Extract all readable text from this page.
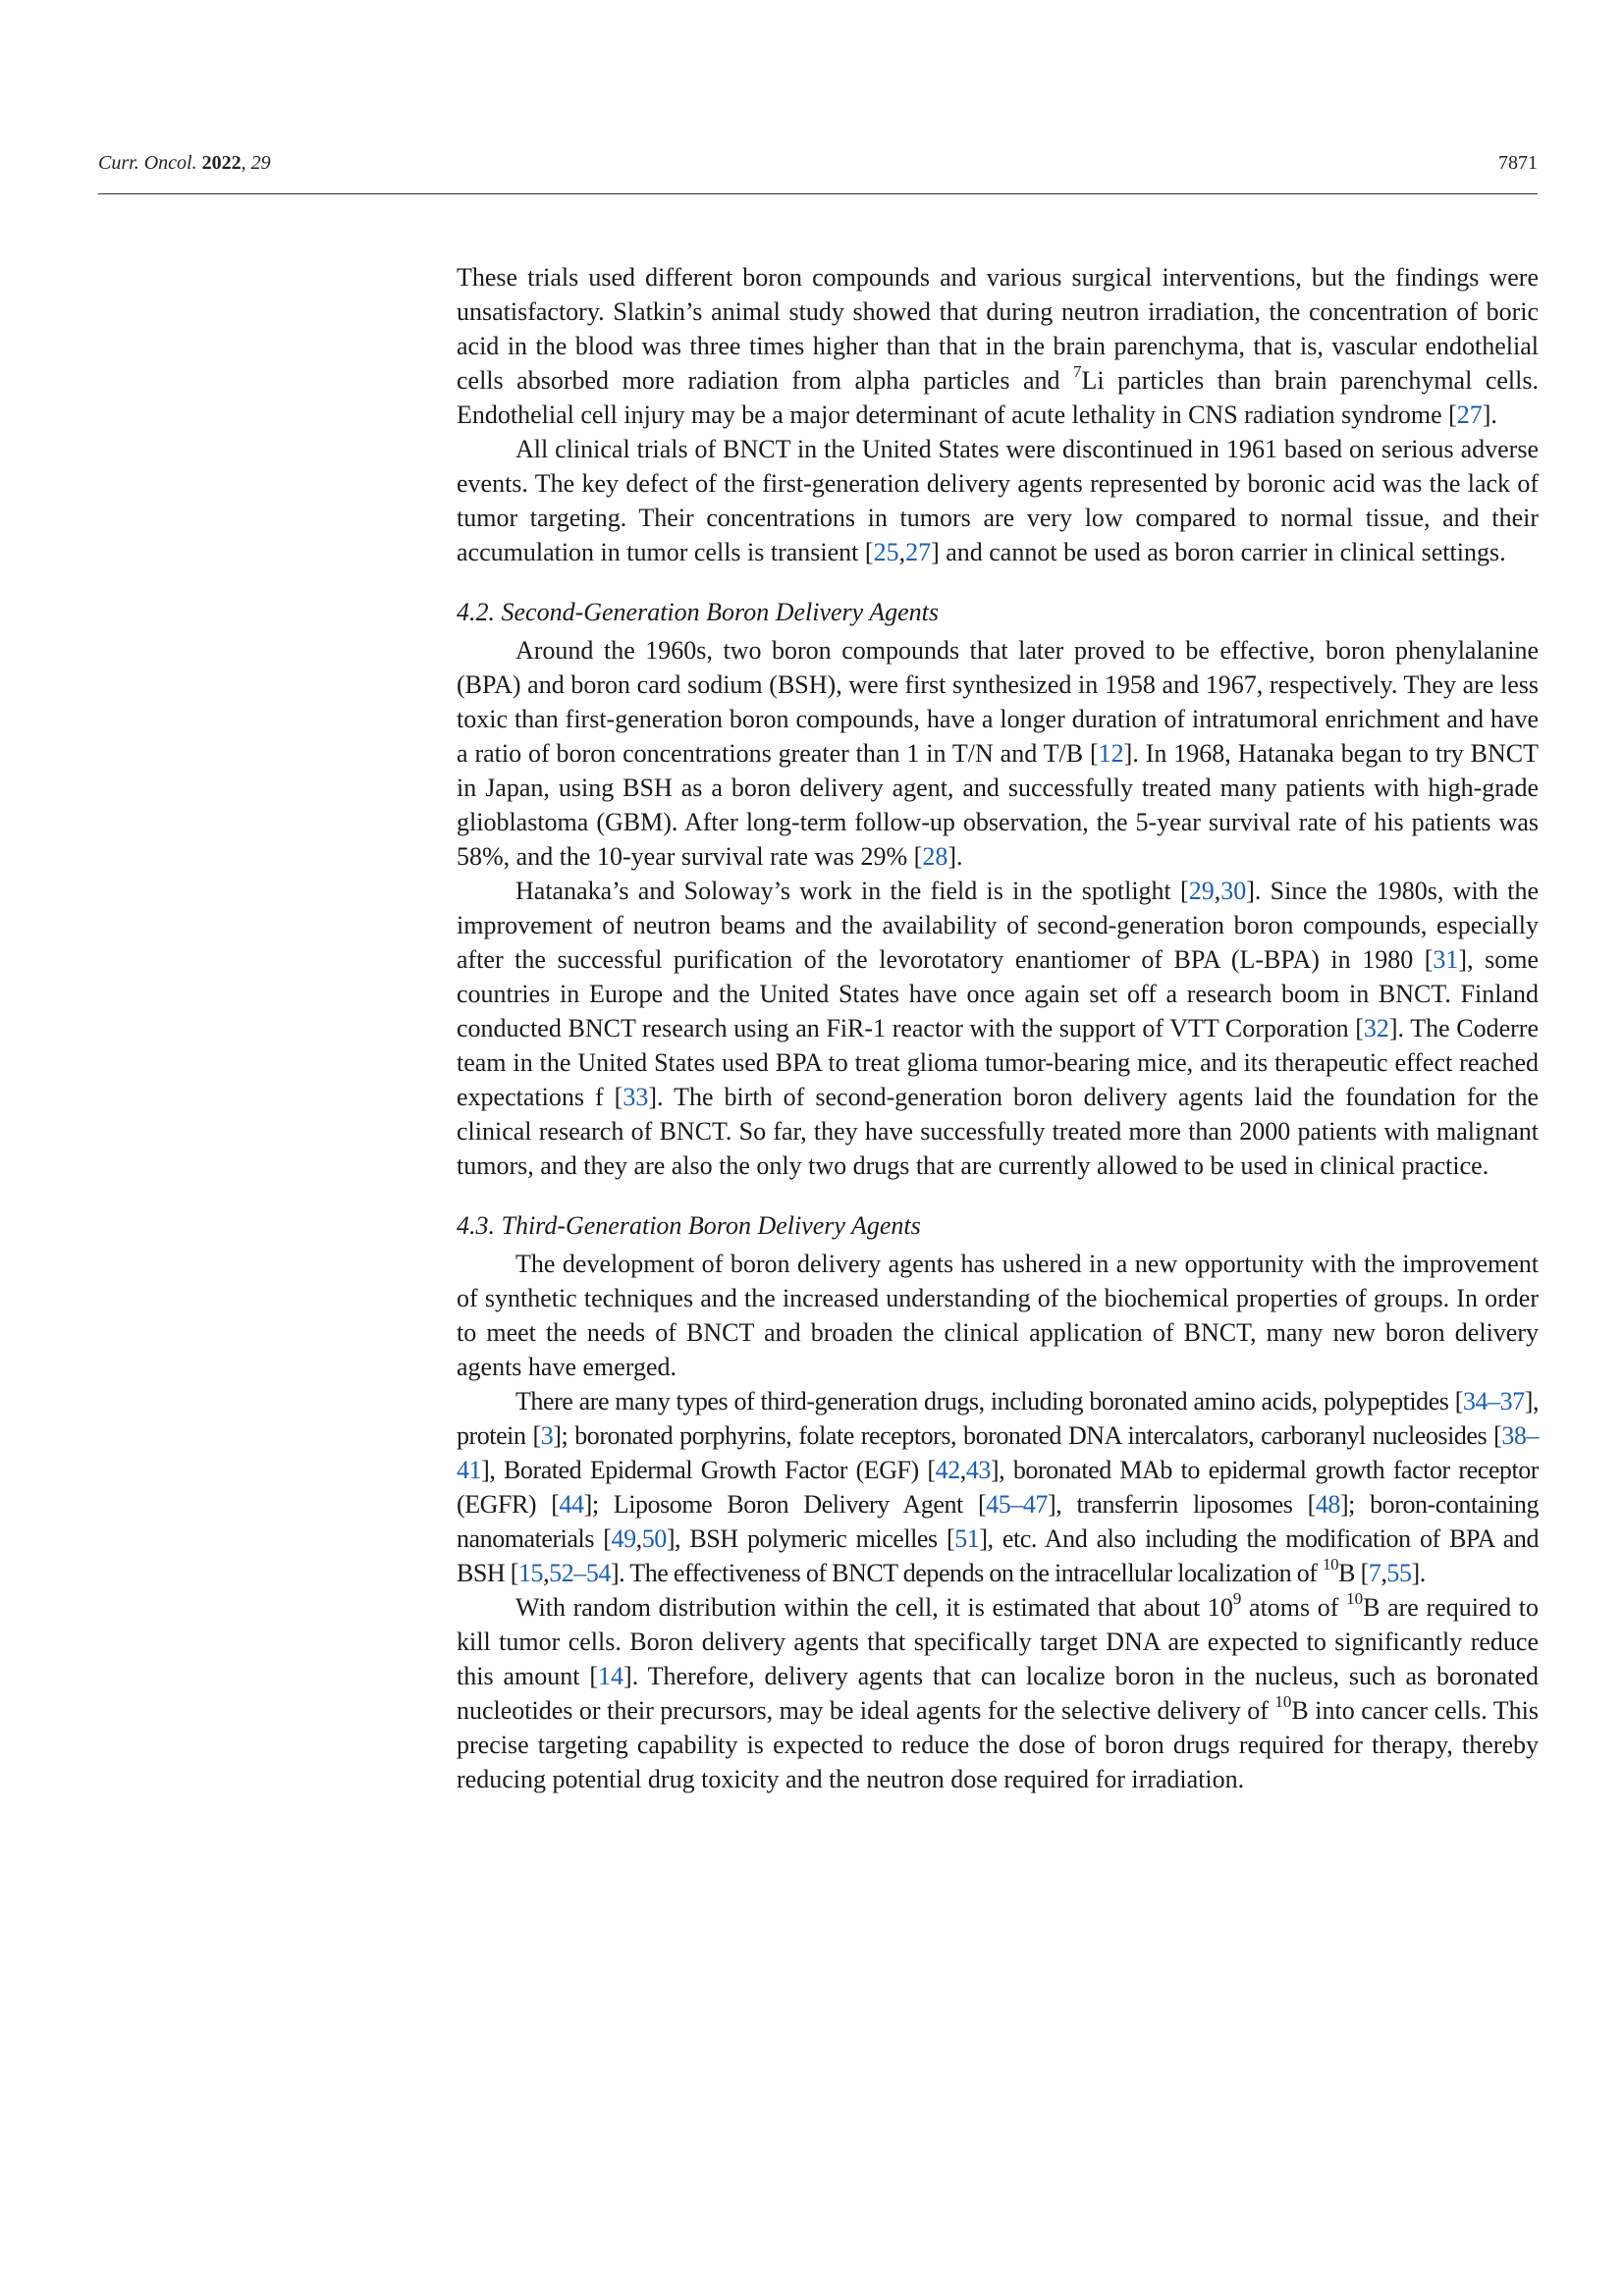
Curr. Oncol. 2022, 29	7871

These trials used different boron compounds and various surgical interventions, but the findings were unsatisfactory. Slatkin’s animal study showed that during neutron irradiation, the concentration of boric acid in the blood was three times higher than that in the brain parenchyma, that is, vascular endothelial cells absorbed more radiation from alpha particles and $^7$Li particles than brain parenchymal cells. Endothelial cell injury may be a major determinant of acute lethality in CNS radiation syndrome [27].

All clinical trials of BNCT in the United States were discontinued in 1961 based on serious adverse events. The key defect of the first-generation delivery agents represented by boronic acid was the lack of tumor targeting. Their concentrations in tumors are very low compared to normal tissue, and their accumulation in tumor cells is transient [25,27] and cannot be used as boron carrier in clinical settings.

4.2. Second-Generation Boron Delivery Agents

Around the 1960s, two boron compounds that later proved to be effective, boron phenylalanine (BPA) and boron card sodium (BSH), were first synthesized in 1958 and 1967, respectively. They are less toxic than first-generation boron compounds, have a longer duration of intratumoral enrichment and have a ratio of boron concentrations greater than 1 in T/N and T/B [12]. In 1968, Hatanaka began to try BNCT in Japan, using BSH as a boron delivery agent, and successfully treated many patients with high-grade glioblastoma (GBM). After long-term follow-up observation, the 5-year survival rate of his patients was 58%, and the 10-year survival rate was 29% [28].

Hatanaka’s and Soloway’s work in the field is in the spotlight [29,30]. Since the 1980s, with the improvement of neutron beams and the availability of second-generation boron compounds, especially after the successful purification of the levorotatory enantiomer of BPA (L-BPA) in 1980 [31], some countries in Europe and the United States have once again set off a research boom in BNCT. Finland conducted BNCT research using an FiR-1 reactor with the support of VTT Corporation [32]. The Coderre team in the United States used BPA to treat glioma tumor-bearing mice, and its therapeutic effect reached expectations f [33]. The birth of second-generation boron delivery agents laid the foundation for the clinical research of BNCT. So far, they have successfully treated more than 2000 patients with malignant tumors, and they are also the only two drugs that are currently allowed to be used in clinical practice.

4.3. Third-Generation Boron Delivery Agents

The development of boron delivery agents has ushered in a new opportunity with the improvement of synthetic techniques and the increased understanding of the biochemical properties of groups. In order to meet the needs of BNCT and broaden the clinical application of BNCT, many new boron delivery agents have emerged.

There are many types of third-generation drugs, including boronated amino acids, polypeptides [34–37], protein [3]; boronated porphyrins, folate receptors, boronated DNA intercalators, carboranyl nucleosides [38–41], Borated Epidermal Growth Factor (EGF) [42,43], boronated MAb to epidermal growth factor receptor (EGFR) [44]; Liposome Boron Delivery Agent [45–47], transferrin liposomes [48]; boron-containing nanomaterials [49,50], BSH polymeric micelles [51], etc. And also including the modification of BPA and BSH [15,52–54]. The effectiveness of BNCT depends on the intracellular localization of $^{10}$B [7,55].

With random distribution within the cell, it is estimated that about $10^9$ atoms of $^{10}$B are required to kill tumor cells. Boron delivery agents that specifically target DNA are expected to significantly reduce this amount [14]. Therefore, delivery agents that can localize boron in the nucleus, such as boronated nucleotides or their precursors, may be ideal agents for the selective delivery of $^{10}$B into cancer cells. This precise targeting capability is expected to reduce the dose of boron drugs required for therapy, thereby reducing potential drug toxicity and the neutron dose required for irradiation.
